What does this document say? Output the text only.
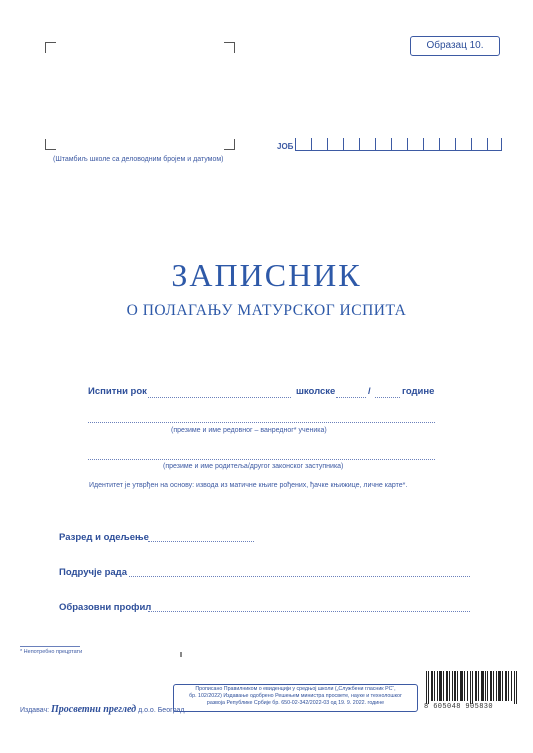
(Штамбиљ школе са деловодним бројем и датумом)
Образац 10.
ЈОБ
ЗАПИСНИК
О ПОЛАГАЊУ МАТУРСКОГ ИСПИТА
Испитни рок	школске	/	године
(презиме и име редовног – ванредног* ученика)
(презиме и име родитеља/другог законског заступника)
Идентитет је утврђен на основу: извода из матичне књиге рођених, ђачке књижице, личне карте*.
Разред и одељење
Подручје рада
Образовни профил
* Непотребно прецртати
Издавач: Просветни преглед д.о.о. Београд
Прописано Правилником о евиденцији у средњој школи („Службени гласник РС“,
бр. 102/2022) Издавање одобрено Решењем министра просвете, науке и технолошког
развоја Републике Србије бр. 650-02-342/2022-03 од 19. 9. 2022. године
8 605048 905830
